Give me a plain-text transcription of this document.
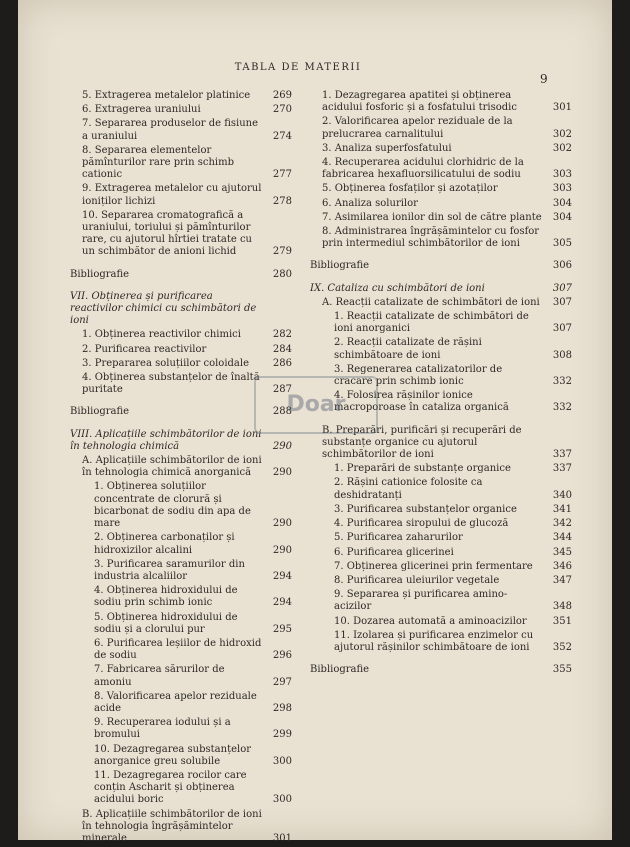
TABLA DE MATERII
9
5. Extragerea metalelor platinice	269
6. Extragerea uraniului	270
7. Separarea produselor de fisiune a uraniului	274
8. Separarea elementelor pămînturilor rare prin schimb cationic	277
9. Extragerea metalelor cu ajutorul ioniților lichizi	278
10. Separarea cromatografică a uraniului, toriului și pămînturilor rare, cu ajutorul hîrtiei tratate cu un schimbător de anioni lichid	279
Bibliografie	280
VII. Obținerea și purificarea reactivilor chimici cu schimbători de ioni
1. Obținerea reactivilor chimici	282
2. Purificarea reactivilor	284
3. Prepararea soluțiilor coloidale	286
4. Obținerea substanțelor de înaltă puritate	287
Bibliografie	288
VIII. Aplicațiile schimbătorilor de ioni în tehnologia chimică	290
A. Aplicațiile schimbătorilor de ioni în tehnologia chimică anorganică	290
1. Obținerea soluțiilor concentrate de clorură și bicarbonat de sodiu din apa de mare	290
2. Obținerea carbonaților și hidroxizilor alcalini	290
3. Purificarea saramurilor din industria alcaliilor	294
4. Obținerea hidroxidului de sodiu prin schimb ionic	294
5. Obținerea hidroxidului de sodiu și a clorului pur	295
6. Purificarea leșiilor de hidroxid de sodiu	296
7. Fabricarea sărurilor de amoniu	297
8. Valorificarea apelor reziduale acide	298
9. Recuperarea iodului și a bromului	299
10. Dezagregarea substanțelor anorganice greu solubile	300
11. Dezagregarea rocilor care conțin Ascharit și obținerea acidului boric	300
B. Aplicațiile schimbătorilor de ioni în tehnologia îngrășămintelor minerale	301
1. Dezagregarea apatitei și obținerea acidului fosforic și a fosfatului trisodic	301
2. Valorificarea apelor reziduale de la prelucrarea carnalitului	302
3. Analiza superfosfatului	302
4. Recuperarea acidului clorhidric de la fabricarea hexafluorsilicatului de sodiu	303
5. Obținerea fosfaților și azotaților	303
6. Analiza solurilor	304
7. Asimilarea ionilor din sol de către plante 304
8. Administrarea îngrășămintelor cu fosfor prin intermediul schimbătorilor de ioni	305
Bibliografie	306
IX. Cataliza cu schimbători de ioni	307
A. Reacții catalizate de schimbători de ioni 307
1. Reacții catalizate de schimbători de ioni anorganici	307
2. Reacții catalizate de rășini schimbătoare de ioni	308
3. Regenerarea catalizatorilor de cracare prin schimb ionic	332
4. Folosirea rășinilor ionice macroporoase în cataliza organică	332
B. Preparări, purificări și recuperări de substanțe organice cu ajutorul schimbătorilor de ioni	337
1. Preparări de substanțe organice	337
2. Rășini cationice folosite ca deshidratanți	340
3. Purificarea substanțelor organice	341
4. Purificarea siropului de glucoză	342
5. Purificarea zaharurilor	344
6. Purificarea glicerinei	345
7. Obținerea glicerinei prin fermentare	346
8. Purificarea uleiurilor vegetale	347
9. Separarea și purificarea amino-acizilor	348
10. Dozarea automată a aminoacizilor	351
11. Izolarea și purificarea enzimelor cu ajutorul rășinilor schimbătoare de ioni	352
Bibliografie	355
Doar
